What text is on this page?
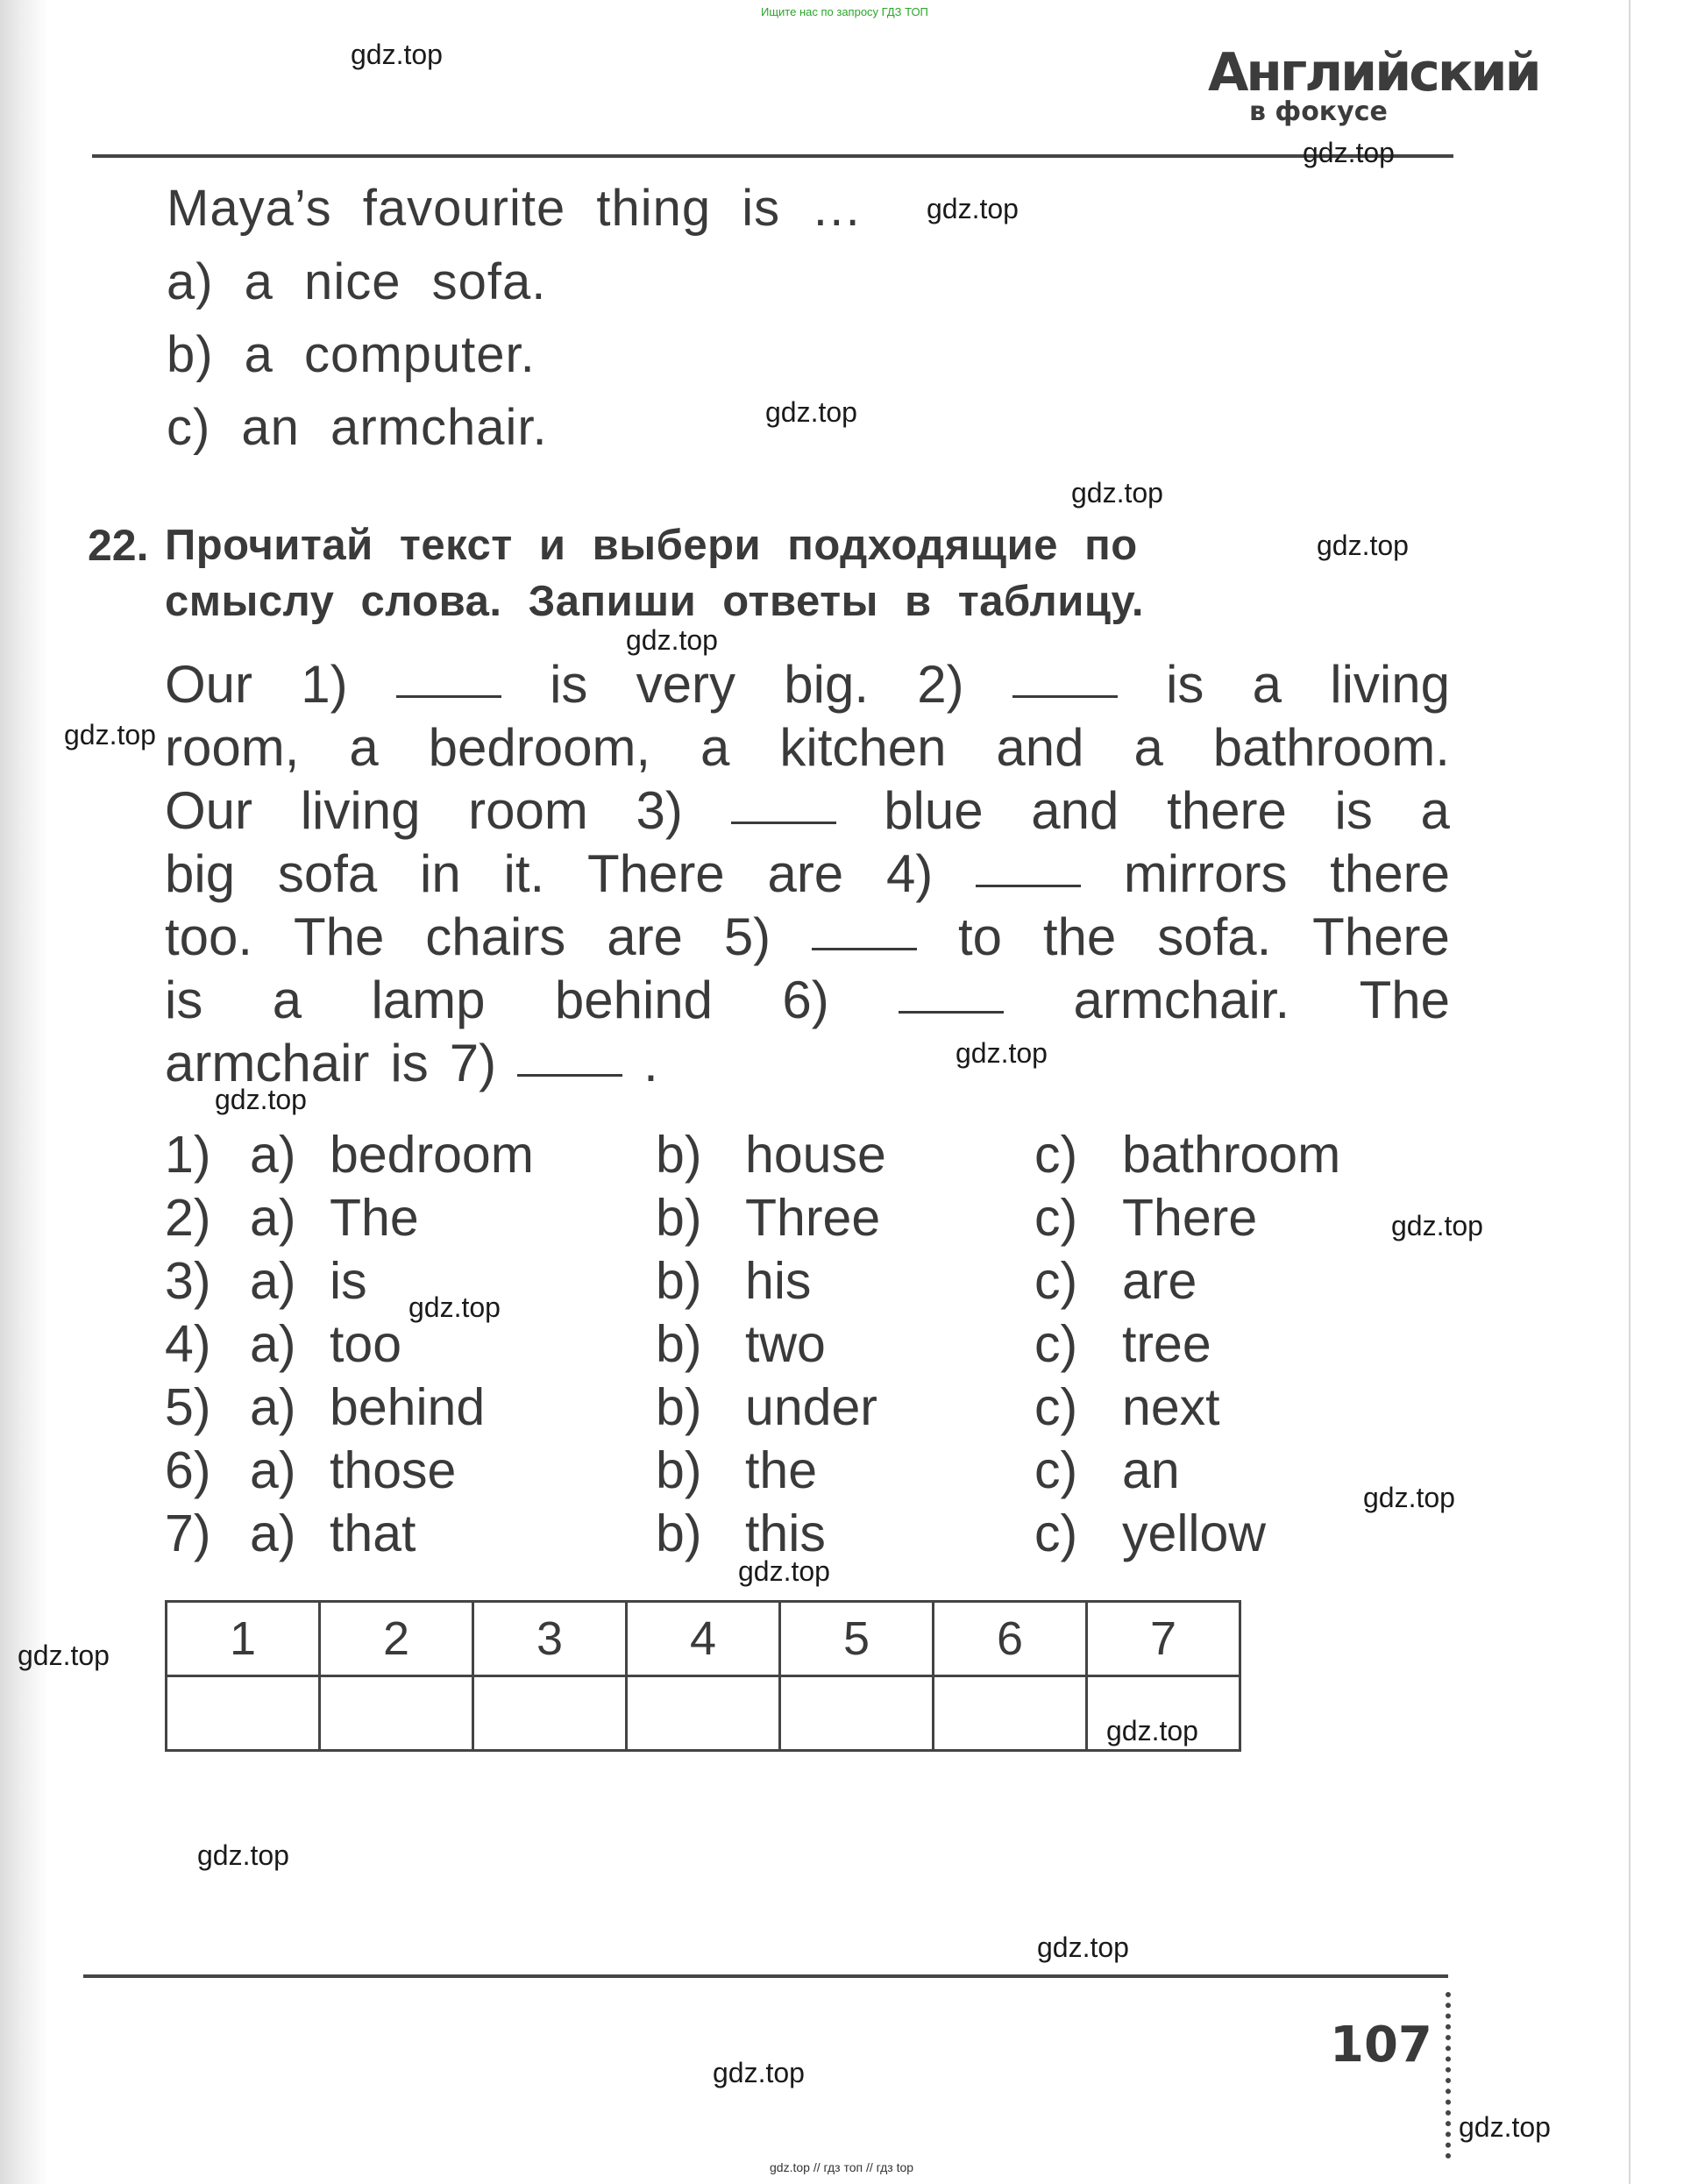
Ищите нас по запросу ГДЗ ТОП
Английский
в фокусе
Maya’s favourite thing is …
a) a nice sofa.
b) a computer.
c) an armchair.
22. Прочитай текст и выбери подходящие по
смыслу слова. Запиши ответы в таблицу.
Our 1)	is very big. 2)	is a living
room, a bedroom, a kitchen and a bathroom.
Our living room 3)	blue and there is a
big sofa in it. There are 4)	mirrors there
too. The chairs are 5)	to the sofa. There
is a lamp behind 6)	armchair. The
armchair is 7)	.
1) a) bedroom b) house	c) bathroom
2) a) The	b) Three	c) There
3) a) is	b) his	c) are
4) a) too	b) two	c) tree
5) a) behind	b) under	c) next
6) a) those	b) the	c) an
7) a) that	b) this	c) yellow
1	2	3	4	5	6	7

107
gdz.top // гдз топ // гдз top
gdz.top
gdz.top
gdz.top
gdz.top
gdz.top
gdz.top
gdz.top
gdz.top
gdz.top
gdz.top
gdz.top
gdz.top
gdz.top
gdz.top
gdz.top
gdz.top
gdz.top
gdz.top
gdz.top
gdz.top
